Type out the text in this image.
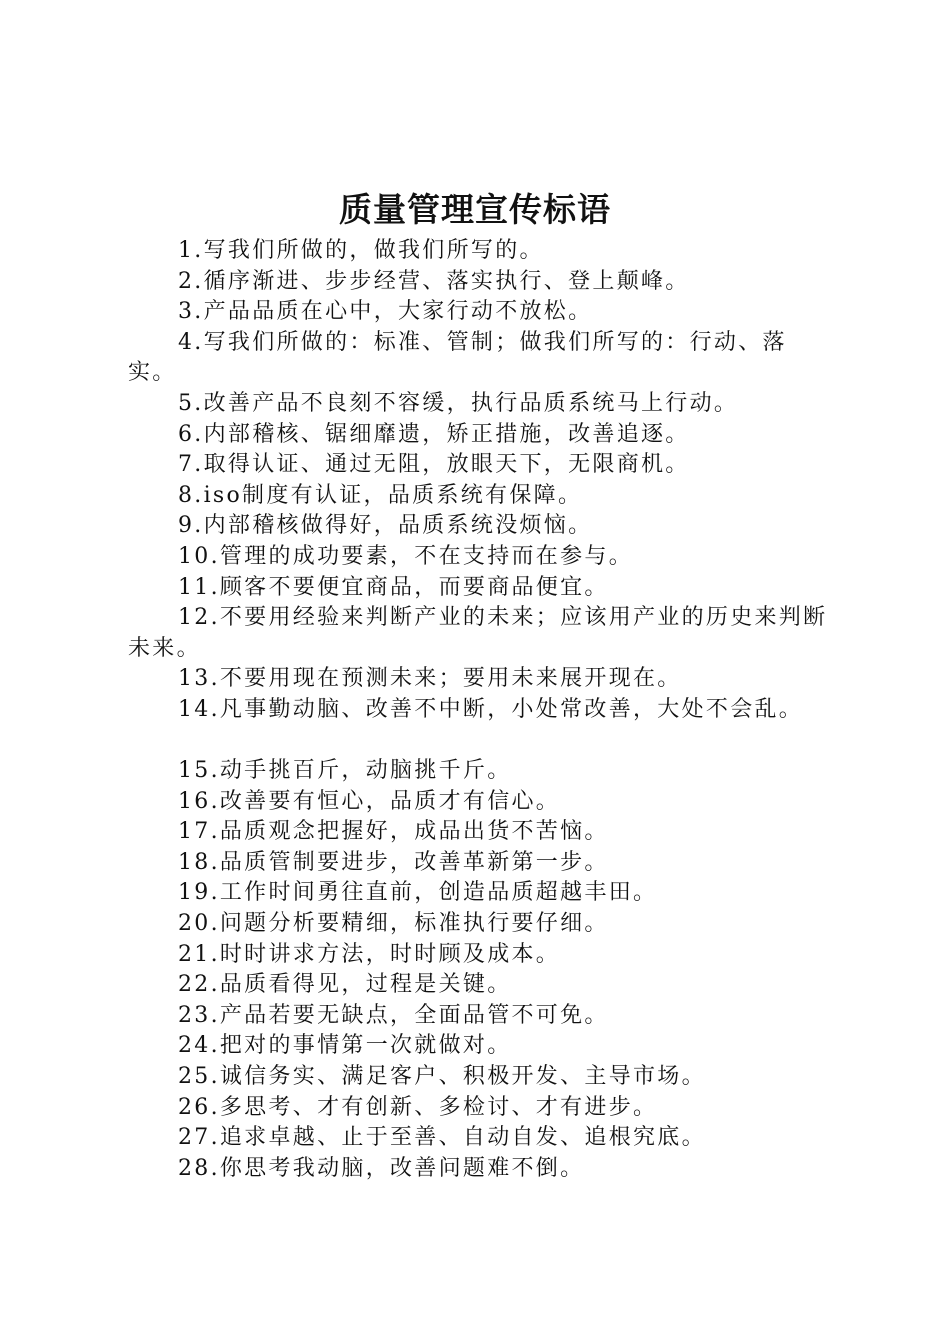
质量管理宣传标语

1.写我们所做的，做我们所写的。

2.循序渐进、步步经营、落实执行、登上颠峰。

3.产品品质在心中，大家行动不放松。

4.写我们所做的：标准、管制；做我们所写的：行动、落实。

5.改善产品不良刻不容缓，执行品质系统马上行动。

6.内部稽核、锯细靡遗，矫正措施，改善追逐。

7.取得认证、通过无阻，放眼天下，无限商机。

8.iso制度有认证，品质系统有保障。

9.内部稽核做得好，品质系统没烦恼。

10.管理的成功要素，不在支持而在参与。

11.顾客不要便宜商品，而要商品便宜。

12.不要用经验来判断产业的未来；应该用产业的历史来判断未来。

13.不要用现在预测未来；要用未来展开现在。

14.凡事勤动脑、改善不中断，小处常改善，大处不会乱。

15.动手挑百斤，动脑挑千斤。

16.改善要有恒心，品质才有信心。

17.品质观念把握好，成品出货不苦恼。

18.品质管制要进步，改善革新第一步。

19.工作时间勇往直前，创造品质超越丰田。

20.问题分析要精细，标准执行要仔细。

21.时时讲求方法，时时顾及成本。

22.品质看得见，过程是关键。

23.产品若要无缺点，全面品管不可免。

24.把对的事情第一次就做对。

25.诚信务实、满足客户、积极开发、主导市场。

26.多思考、才有创新、多检讨、才有进步。

27.追求卓越、止于至善、自动自发、追根究底。

28.你思考我动脑，改善问题难不倒。
